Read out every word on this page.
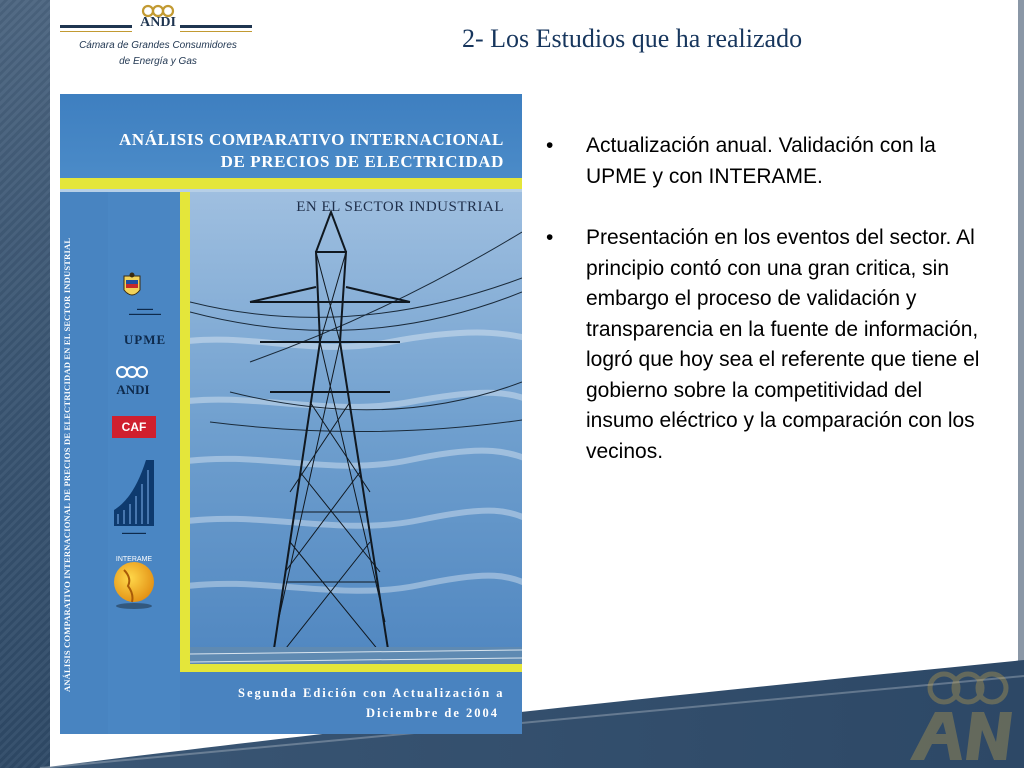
ANDI
Cámara de Grandes Consumidores
de Energía y Gas
2- Los Estudios que ha realizado
ANÁLISIS COMPARATIVO INTERNACIONAL
DE PRECIOS DE ELECTRICIDAD
ANÁLISIS COMPARATIVO INTERNACIONAL DE PRECIOS DE ELECTRICIDAD EN EL SECTOR INDUSTRIAL
EN EL SECTOR INDUSTRIAL
Segunda Edición con Actualización a
Diciembre de 2004
▬▬▬▬
▬▬▬▬▬▬▬▬
UPME
ANDI
CAF
▬▬▬▬▬▬
INTERAME
•	Actualización anual. Validación con la UPME y con INTERAME.
•	Presentación en los eventos del sector. Al principio contó con una gran critica, sin embargo el proceso de validación y transparencia en la fuente de información, logró que hoy sea el referente que tiene el gobierno sobre la competitividad del insumo eléctrico y la comparación con los vecinos.
